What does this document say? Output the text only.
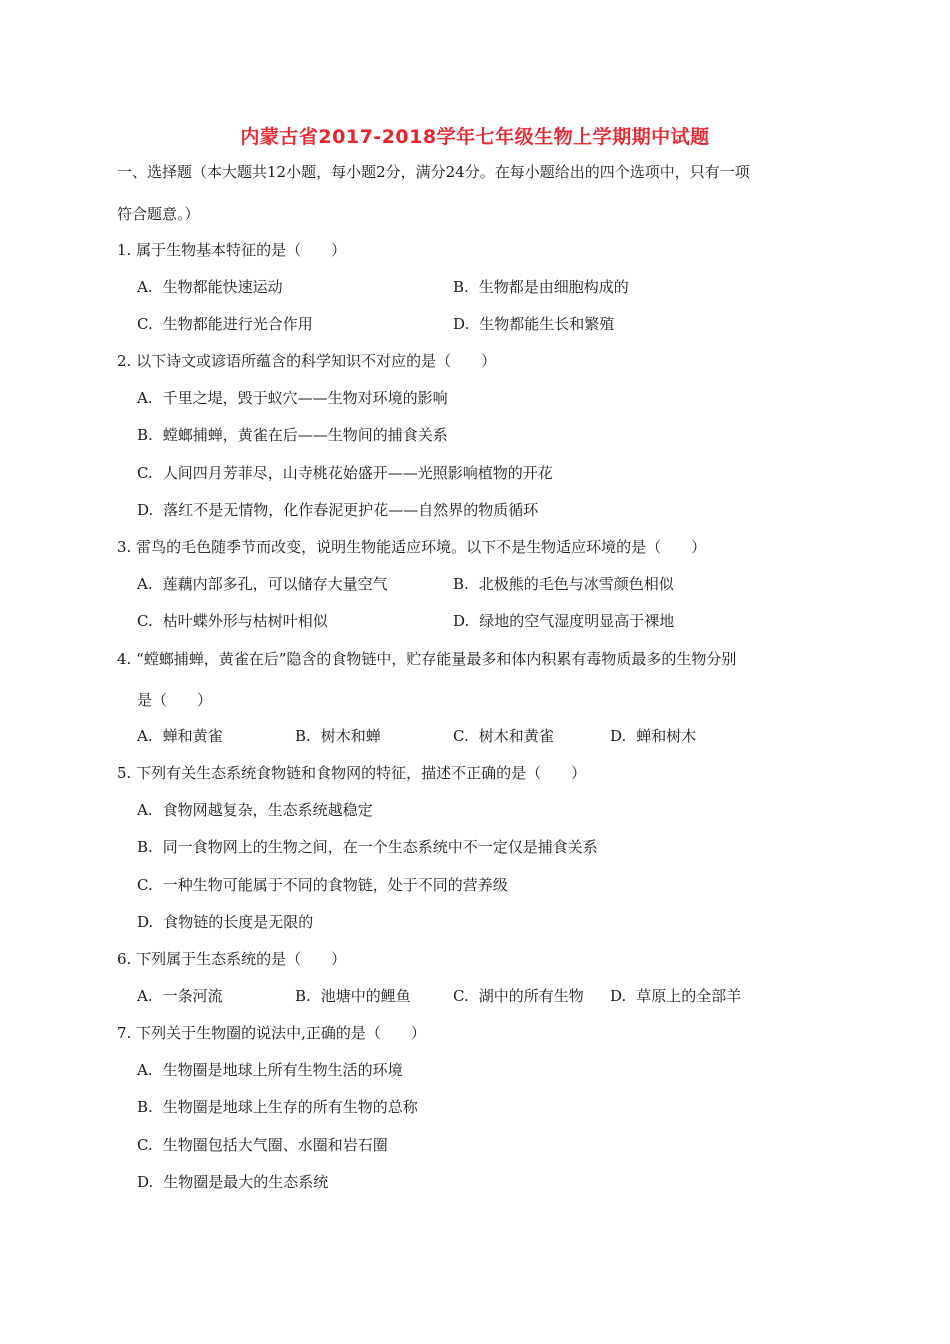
内蒙古省2017-2018学年七年级生物上学期期中试题
一、选择题（本大题共12小题，每小题2分，满分24分。在每小题给出的四个选项中，只有一项
符合题意。）
1. 属于生物基本特征的是（　　）
A. 生物都能快速运动	B. 生物都是由细胞构成的
C. 生物都能进行光合作用	D. 生物都能生长和繁殖
2. 以下诗文或谚语所蕴含的科学知识不对应的是（　　）
A. 千里之堤，毁于蚁穴——生物对环境的影响
B. 螳螂捕蝉，黄雀在后——生物间的捕食关系
C. 人间四月芳菲尽，山寺桃花始盛开——光照影响植物的开花
D. 落红不是无情物，化作春泥更护花——自然界的物质循环
3. 雷鸟的毛色随季节而改变，说明生物能适应环境。以下不是生物适应环境的是（　　）
A. 莲藕内部多孔，可以储存大量空气	B. 北极熊的毛色与冰雪颜色相似
C. 枯叶蝶外形与枯树叶相似	D. 绿地的空气湿度明显高于裸地
4. “螳螂捕蝉，黄雀在后”隐含的食物链中，贮存能量最多和体内积累有毒物质最多的生物分别
是（　　）
A. 蝉和黄雀	B. 树木和蝉	C. 树木和黄雀	D. 蝉和树木
5. 下列有关生态系统食物链和食物网的特征，描述不正确的是（　　）
A. 食物网越复杂，生态系统越稳定
B. 同一食物网上的生物之间，在一个生态系统中不一定仅是捕食关系
C. 一种生物可能属于不同的食物链，处于不同的营养级
D. 食物链的长度是无限的
6. 下列属于生态系统的是（　　）
A. 一条河流	B. 池塘中的鲤鱼	C. 湖中的所有生物 D. 草原上的全部羊
7. 下列关于生物圈的说法中,正确的是（　　）
A. 生物圈是地球上所有生物生活的环境
B. 生物圈是地球上生存的所有生物的总称
C. 生物圈包括大气圈、水圈和岩石圈
D. 生物圈是最大的生态系统
